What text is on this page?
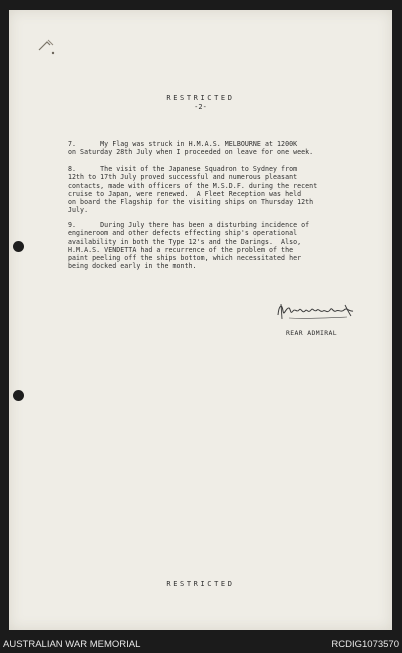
RESTRICTED
-2-
7.      My Flag was struck in H.M.A.S. MELBOURNE at 1200K
on Saturday 28th July when I proceeded on leave for one week.
8.      The visit of the Japanese Squadron to Sydney from
12th to 17th July proved successful and numerous pleasant
contacts, made with officers of the M.S.D.F. during the recent
cruise to Japan, were renewed.  A Fleet Reception was held
on board the Flagship for the visiting ships on Thursday 12th
July.
9.      During July there has been a disturbing incidence of
engineroom and other defects effecting ship's operational
availability in both the Type 12's and the Darings.  Also,
H.M.A.S. VENDETTA had a recurrence of the problem of the
paint peeling off the ships bottom, which necessitated her
being docked early in the month.
REAR ADMIRAL
RESTRICTED
AUSTRALIAN WAR MEMORIAL	RCDIG1073570
